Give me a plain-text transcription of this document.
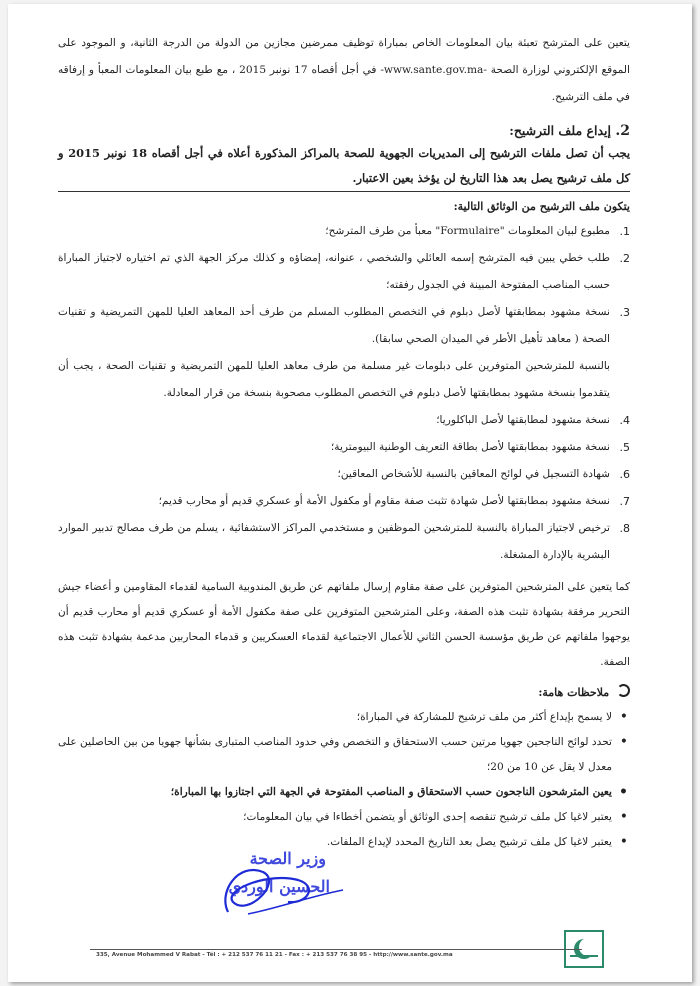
يتعين على المترشح تعبئة بيان المعلومات الخاص بمباراة توظيف ممرضين مجازين من الدولة من الدرجة الثانية، و الموجود على الموقع الإلكتروني لوزارة الصحة -www.sante.gov.ma- في أجل أقصاه 17 نونبر 2015 ، مع طبع بيان المعلومات المعبأ و إرفاقه في ملف الترشيح.

2. إيداع ملف الترشيح:

يجب أن تصل ملفات الترشيح إلى المديريات الجهوية للصحة بالمراكز المذكورة أعلاه في أجل أقصاه 18 نونبر 2015 و كل ملف ترشيح يصل بعد هذا التاريخ لن يؤخذ بعين الاعتبار.

يتكون ملف الترشيح من الوثائق التالية:

1.
مطبوع لبيان المعلومات "Formulaire" معبأ من طرف المترشح؛
2.
طلب خطي يبين فيه المترشح إسمه العائلي والشخصي ، عنوانه، إمضاؤه و كذلك مركز الجهة الذي تم اختياره لاجتياز المباراة حسب المناصب المفتوحة المبينة في الجدول رفقته؛
3.
نسخة مشهود بمطابقتها لأصل دبلوم في التخصص المطلوب المسلم من طرف أحد المعاهد العليا للمهن التمريضية و تقنيات الصحة ( معاهد تأهيل الأطر في الميدان الصحي سابقا).
بالنسبة للمترشحين المتوفرين على دبلومات غير مسلمة من طرف معاهد العليا للمهن التمريضية و تقنيات الصحة ، يجب أن يتقدموا بنسخة مشهود بمطابقتها لأصل دبلوم في التخصص المطلوب مصحوبة بنسخة من قرار المعادلة.
4.
نسخة مشهود لمطابقتها لأصل الباكلوريا؛
5.
نسخة مشهود بمطابقتها لأصل بطاقة التعريف الوطنية البيومترية؛
6.
شهادة التسجيل في لوائح المعاقين بالنسبة للأشخاص المعاقين؛
7.
نسخة مشهود بمطابقتها لأصل شهادة تثبت صفة مقاوم أو مكفول الأمة أو عسكري قديم أو محارب قديم؛
8.
ترخيص لاجتياز المباراة بالنسبة للمترشحين الموظفين و مستخدمي المراكز الاستشفائية ، يسلم من طرف مصالح تدبير الموارد البشرية بالإدارة المشغلة.

كما يتعين على المترشحين المتوفرين على صفة مقاوم إرسال ملفاتهم عن طريق المندوبية السامية لقدماء المقاومين و أعضاء جيش التحرير مرفقة بشهادة تثبت هذه الصفة، وعلى المترشحين المتوفرين على صفة مكفول الأمة أو عسكري قديم أو محارب قديم أن يوجهوا ملفاتهم عن طريق مؤسسة الحسن الثاني للأعمال الاجتماعية لقدماء العسكريين و قدماء المحاربين مدعمة بشهادة تثبت هذه الصفة.

ملاحظات هامة:

• لا يسمح بإيداع أكثر من ملف ترشيح للمشاركة في المباراة؛
• تحدد لوائح الناجحين جهويا مرتين حسب الاستحقاق و التخصص وفي حدود المناصب المتبارى بشأنها جهويا من بين الحاصلين على معدل لا يقل عن 10 من 20؛
• يعين المترشحون الناجحون حسب الاستحقاق و المناصب المفتوحة في الجهة التي اجتازوا بها المباراة؛
• يعتبر لاغيا كل ملف ترشيح تنقصه إحدى الوثائق أو يتضمن أخطاءا في بيان المعلومات؛
• يعتبر لاغيا كل ملف ترشيح يصل بعد التاريخ المحدد لإيداع الملفات.
وزير الصحة
الحسين الوردي
335, Avenue Mohammed V Rabat - Tél : + 212 537 76 11 21 - Fax : + 213 537 76 38 95 - http://www.sante.gov.ma
